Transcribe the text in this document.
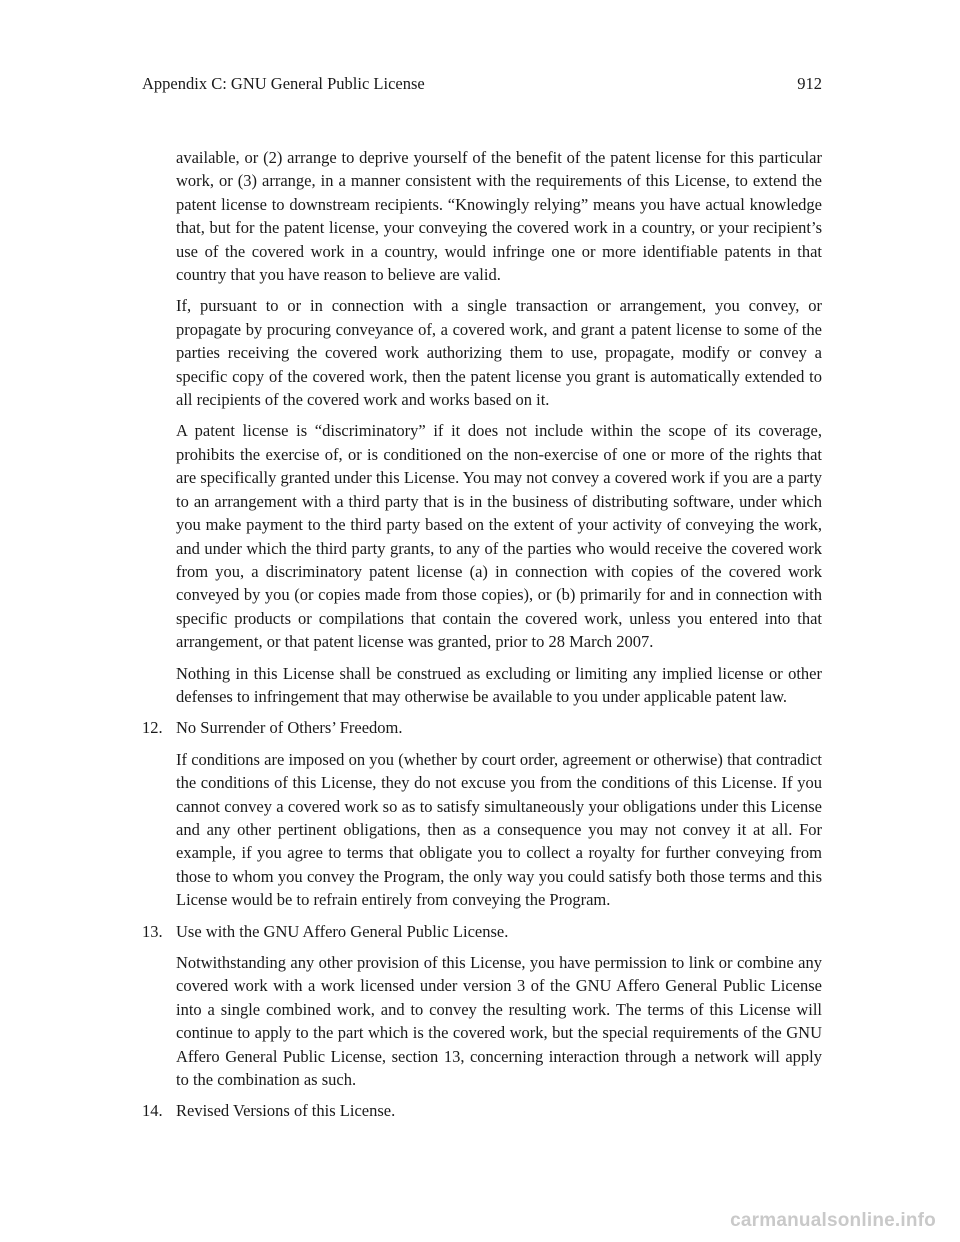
Appendix C: GNU General Public License	912

available, or (2) arrange to deprive yourself of the benefit of the patent license for this particular work, or (3) arrange, in a manner consistent with the requirements of this License, to extend the patent license to downstream recipients. “Knowingly relying” means you have actual knowledge that, but for the patent license, your conveying the covered work in a country, or your recipient’s use of the covered work in a country, would infringe one or more identifiable patents in that country that you have reason to believe are valid.

If, pursuant to or in connection with a single transaction or arrangement, you convey, or propagate by procuring conveyance of, a covered work, and grant a patent license to some of the parties receiving the covered work authorizing them to use, propagate, modify or convey a specific copy of the covered work, then the patent license you grant is automatically extended to all recipients of the covered work and works based on it.

A patent license is “discriminatory” if it does not include within the scope of its coverage, prohibits the exercise of, or is conditioned on the non-exercise of one or more of the rights that are specifically granted under this License. You may not convey a covered work if you are a party to an arrangement with a third party that is in the business of distributing software, under which you make payment to the third party based on the extent of your activity of conveying the work, and under which the third party grants, to any of the parties who would receive the covered work from you, a discriminatory patent license (a) in connection with copies of the covered work conveyed by you (or copies made from those copies), or (b) primarily for and in connection with specific products or compilations that contain the covered work, unless you entered into that arrangement, or that patent license was granted, prior to 28 March 2007.

Nothing in this License shall be construed as excluding or limiting any implied license or other defenses to infringement that may otherwise be available to you under applicable patent law.

12. No Surrender of Others’ Freedom.

If conditions are imposed on you (whether by court order, agreement or otherwise) that contradict the conditions of this License, they do not excuse you from the conditions of this License. If you cannot convey a covered work so as to satisfy simultaneously your obligations under this License and any other pertinent obligations, then as a consequence you may not convey it at all. For example, if you agree to terms that obligate you to collect a royalty for further conveying from those to whom you convey the Program, the only way you could satisfy both those terms and this License would be to refrain entirely from conveying the Program.

13. Use with the GNU Affero General Public License.

Notwithstanding any other provision of this License, you have permission to link or combine any covered work with a work licensed under version 3 of the GNU Affero General Public License into a single combined work, and to convey the resulting work. The terms of this License will continue to apply to the part which is the covered work, but the special requirements of the GNU Affero General Public License, section 13, concerning interaction through a network will apply to the combination as such.

14. Revised Versions of this License.
carmanualsonline.info
